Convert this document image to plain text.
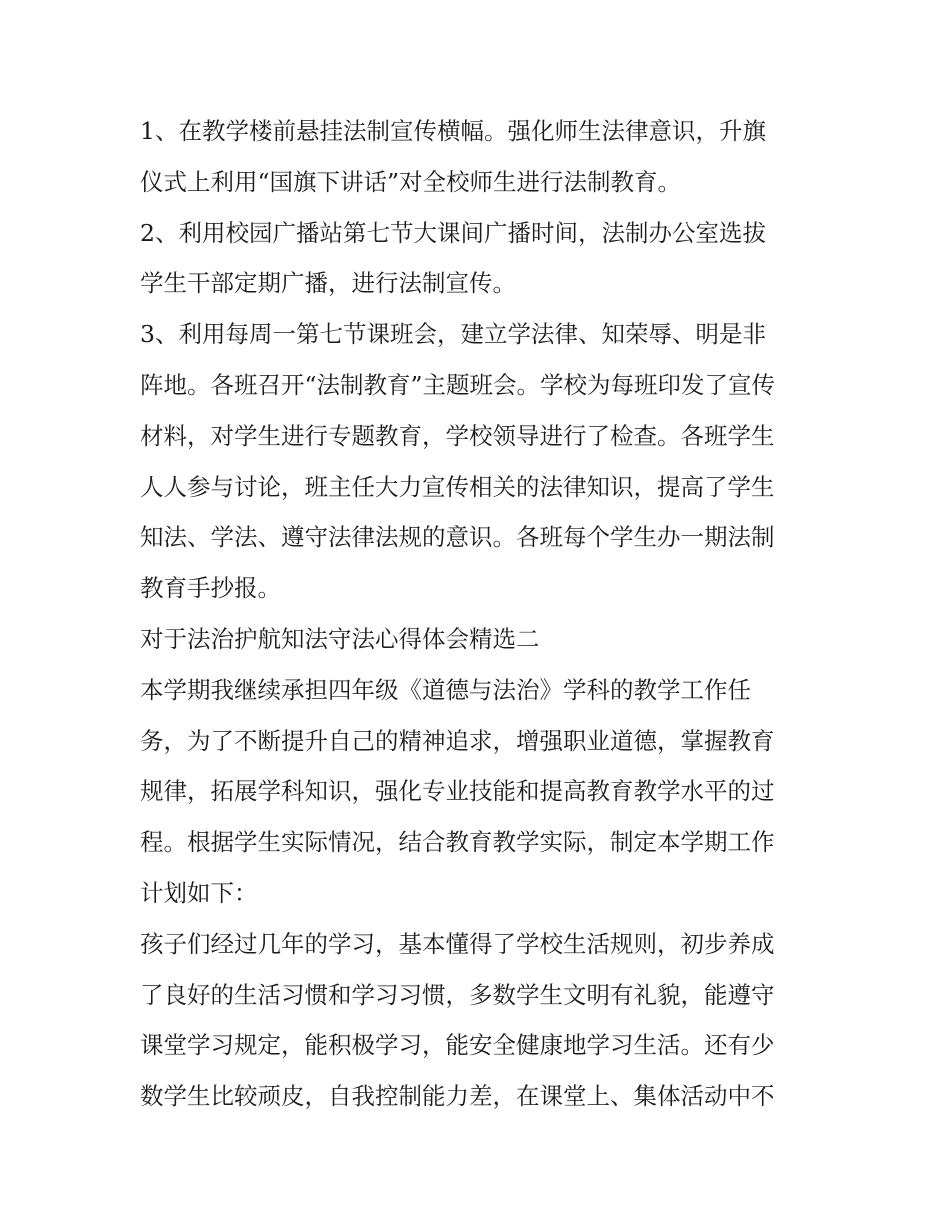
1、在教学楼前悬挂法制宣传横幅。强化师生法律意识，升旗
仪式上利用“国旗下讲话”对全校师生进行法制教育。
2、利用校园广播站第七节大课间广播时间，法制办公室选拔
学生干部定期广播，进行法制宣传。
3、利用每周一第七节课班会，建立学法律、知荣辱、明是非
阵地。各班召开“法制教育”主题班会。学校为每班印发了宣传
材料，对学生进行专题教育，学校领导进行了检查。各班学生
人人参与讨论，班主任大力宣传相关的法律知识，提高了学生
知法、学法、遵守法律法规的意识。各班每个学生办一期法制
教育手抄报。
对于法治护航知法守法心得体会精选二
本学期我继续承担四年级《道德与法治》学科的教学工作任
务，为了不断提升自己的精神追求，增强职业道德，掌握教育
规律，拓展学科知识，强化专业技能和提高教育教学水平的过
程。根据学生实际情况，结合教育教学实际，制定本学期工作
计划如下：
孩子们经过几年的学习，基本懂得了学校生活规则，初步养成
了良好的生活习惯和学习习惯，多数学生文明有礼貌，能遵守
课堂学习规定，能积极学习，能安全健康地学习生活。还有少
数学生比较顽皮，自我控制能力差，在课堂上、集体活动中不
